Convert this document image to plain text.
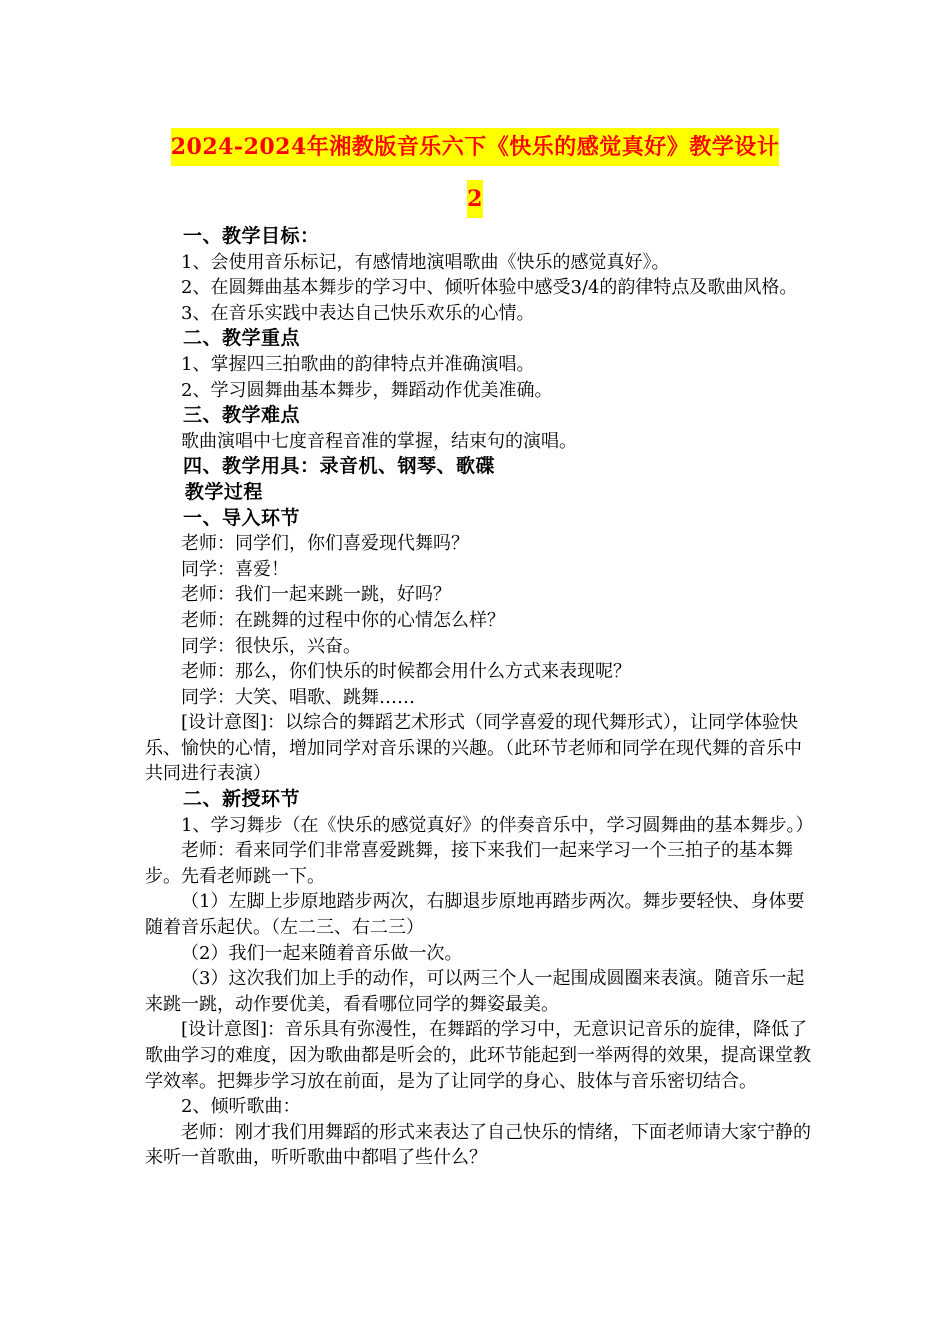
2024-2024年湘教版音乐六下《快乐的感觉真好》教学设计
2

一、教学目标：

1、会使用音乐标记，有感情地演唱歌曲《快乐的感觉真好》。

2、在圆舞曲基本舞步的学习中、倾听体验中感受3/4的韵律特点及歌曲风格。

3、在音乐实践中表达自己快乐欢乐的心情。

二、教学重点

1、掌握四三拍歌曲的韵律特点并准确演唱。

2、学习圆舞曲基本舞步，舞蹈动作优美准确。

三、教学难点

歌曲演唱中七度音程音准的掌握，结束句的演唱。

四、教学用具：录音机、钢琴、歌碟

教学过程

一、导入环节

老师：同学们，你们喜爱现代舞吗？

同学：喜爱！

老师：我们一起来跳一跳，好吗？

老师：在跳舞的过程中你的心情怎么样？

同学：很快乐，兴奋。

老师：那么，你们快乐的时候都会用什么方式来表现呢？

同学：大笑、唱歌、跳舞……

[设计意图]：以综合的舞蹈艺术形式（同学喜爱的现代舞形式），让同学体验快乐、愉快的心情，增加同学对音乐课的兴趣。（此环节老师和同学在现代舞的音乐中共同进行表演）

二、新授环节

1、学习舞步（在《快乐的感觉真好》的伴奏音乐中，学习圆舞曲的基本舞步。）

老师：看来同学们非常喜爱跳舞，接下来我们一起来学习一个三拍子的基本舞步。先看老师跳一下。

（1）左脚上步原地踏步两次，右脚退步原地再踏步两次。舞步要轻快、身体要随着音乐起伏。（左二三、右二三）

（2）我们一起来随着音乐做一次。

（3）这次我们加上手的动作，可以两三个人一起围成圆圈来表演。随音乐一起来跳一跳，动作要优美，看看哪位同学的舞姿最美。

[设计意图]：音乐具有弥漫性，在舞蹈的学习中，无意识记音乐的旋律，降低了歌曲学习的难度，因为歌曲都是听会的，此环节能起到一举两得的效果，提高课堂教学效率。把舞步学习放在前面，是为了让同学的身心、肢体与音乐密切结合。

2、倾听歌曲：

老师：刚才我们用舞蹈的形式来表达了自己快乐的情绪，下面老师请大家宁静的来听一首歌曲，听听歌曲中都唱了些什么？
